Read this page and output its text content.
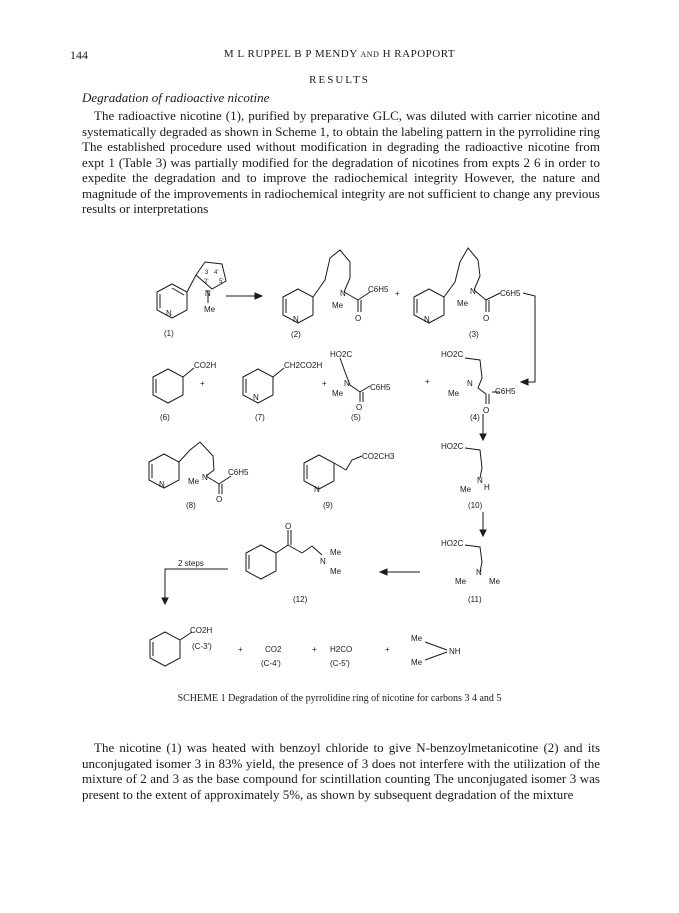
144	M L RUPPEL B P MENDY and H RAPOPORT
RESULTS
Degradation of radioactive nicotine
The radioactive nicotine (1), purified by preparative GLC, was diluted with carrier nicotine and systematically degraded as shown in Scheme 1, to obtain the labeling pattern in the pyrrolidine ring The established procedure used without modification in degrading the radioactive nicotine from expt 1 (Table 3) was partially modified for the degradation of nicotines from expts 2 6 in order to expedite the degradation and to improve the radiochemical integrity However, the nature and magnitude of the improvements in radiochemical integrity are not sufficient to change any previous results or interpretations
3 4'
2' 5'
N
Me
N
(1)
N
N
Me
C6H5
O
+
(2)
N
N
Me
C6H5
O
(3)
CO2H
+
(6)
CH2CO2H
N
+
(7)
HO2C
N
Me
C6H5
O
+
(5)
HO2C
N
Me	C6H5
O
(4)
N
N
Me
C6H5
O
(8)
CO2CH3
N
(9)
HO2C
N
H
Me
(10)
O
N
Me
Me
2 steps
(12)
HO2C
N
Me	Me
(11)
CO2H
(C-3')	+	CO2
(C-4')
+ H2CO
(C-5')
+
Me
Me
NH
SCHEME 1 Degradation of the pyrrolidine ring of nicotine for carbons 3 4 and 5
The nicotine (1) was heated with benzoyl chloride to give N-benzoylmetanicotine (2) and its unconjugated isomer 3 in 83% yield, the presence of 3 does not interfere with the utilization of the mixture of 2 and 3 as the base compound for scintillation counting The unconjugated isomer 3 was present to the extent of approximately 5%, as shown by subsequent degradation of the mixture
